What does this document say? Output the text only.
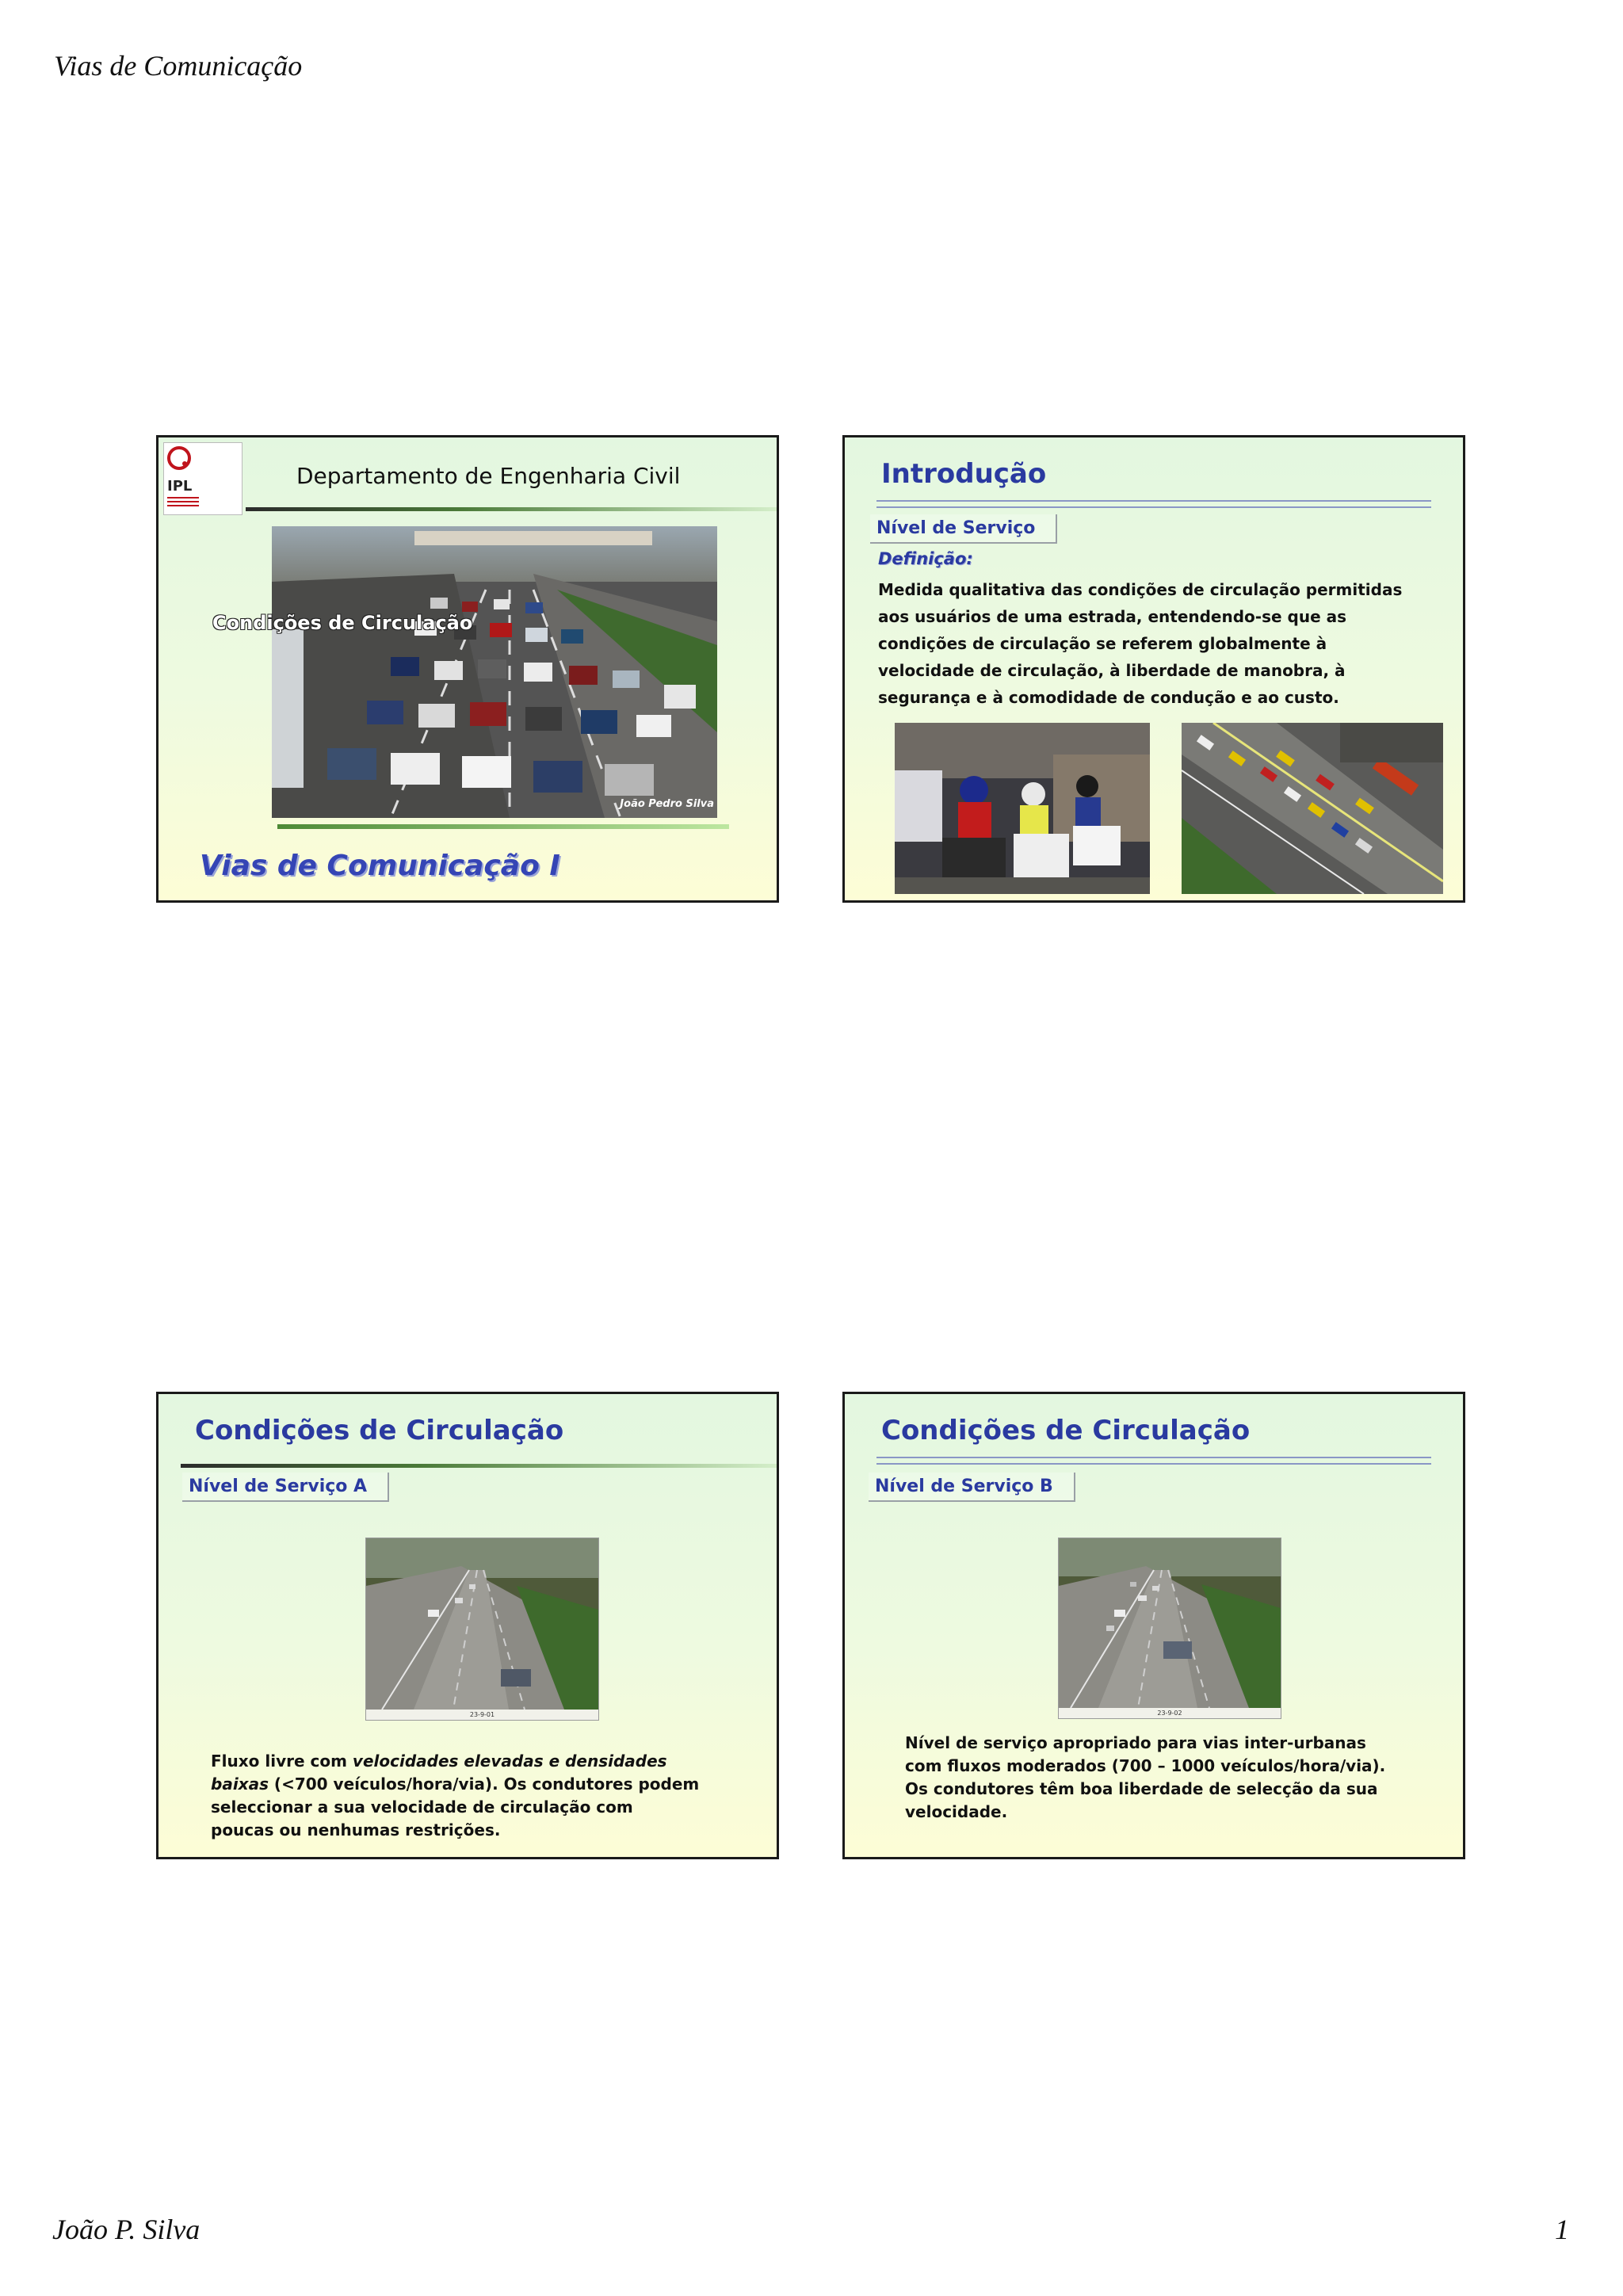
Vias de Comunicação
IPL	Departamento de Engenharia Civil
João Pedro Silva
Condições de Circulação
Vias de Comunicação I
Introdução
Nível de Serviço
Definição:
Medida qualitativa das condições de circulação permitidas
aos usuários de uma estrada, entendendo-se que as
condições de circulação se referem globalmente à
velocidade de circulação, à liberdade de manobra, à
segurança e à comodidade de condução e ao custo.
Condições de Circulação
Nível de Serviço A
23-9-01
Fluxo livre com velocidades elevadas e densidades
baixas (<700 veículos/hora/via). Os condutores podem
seleccionar a sua velocidade de circulação com
poucas ou nenhumas restrições.
Condições de Circulação
Nível de Serviço B
23-9-02
Nível de serviço apropriado para vias inter-urbanas
com fluxos moderados (700 – 1000 veículos/hora/via).
Os condutores têm boa liberdade de selecção da sua
velocidade.
João P. Silva	1
